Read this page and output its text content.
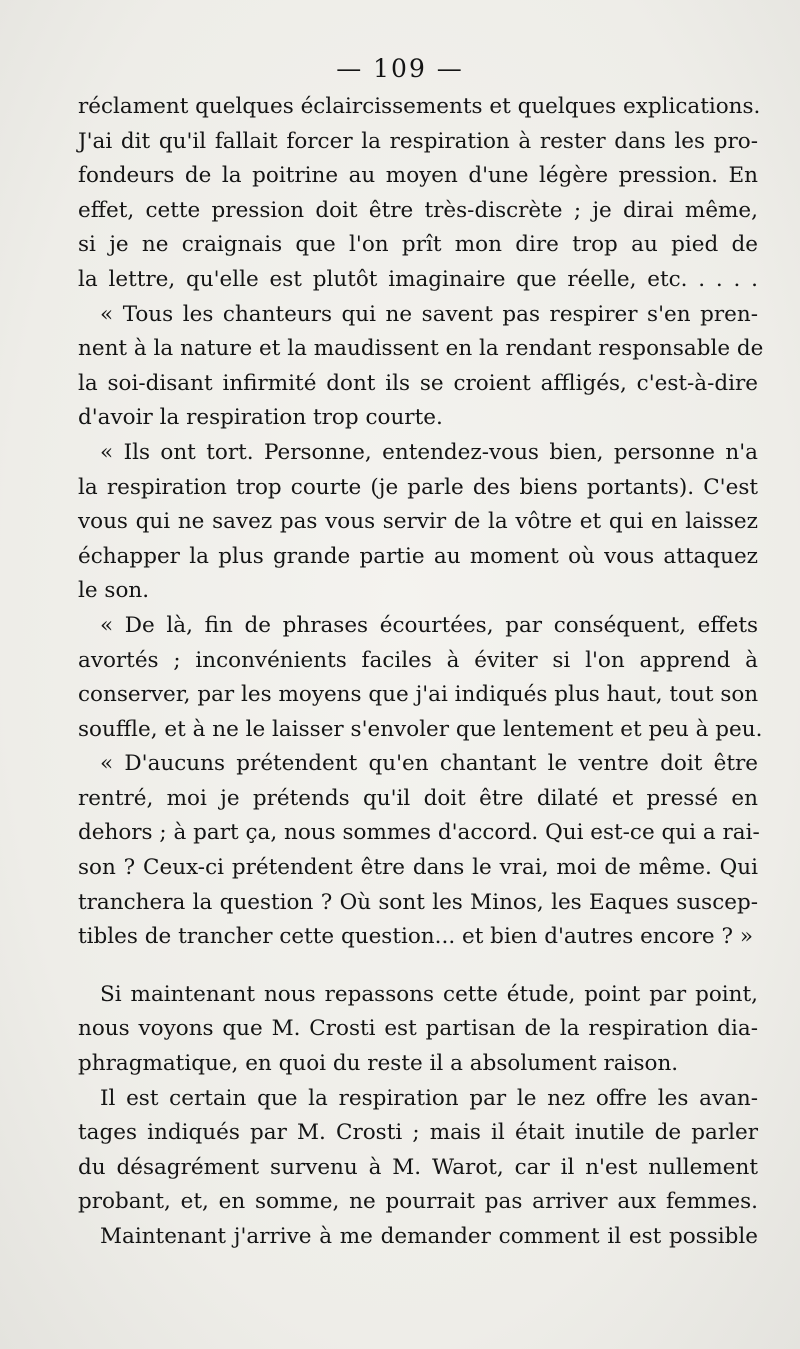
— 109 —
réclament quelques éclaircissements et quelques explications.
J'ai dit qu'il fallait forcer la respiration à rester dans les pro-
fondeurs de la poitrine au moyen d'une légère pression. En
effet, cette pression doit être très-discrète ; je dirai même,
si je ne craignais que l'on prît mon dire trop au pied de
la lettre, qu'elle est plutôt imaginaire que réelle, etc. . . . .
« Tous les chanteurs qui ne savent pas respirer s'en pren-
nent à la nature et la maudissent en la rendant responsable de
la soi-disant infirmité dont ils se croient affligés, c'est-à-dire
d'avoir la respiration trop courte.
« Ils ont tort. Personne, entendez-vous bien, personne n'a
la respiration trop courte (je parle des biens portants). C'est
vous qui ne savez pas vous servir de la vôtre et qui en laissez
échapper la plus grande partie au moment où vous attaquez
le son.
« De là, fin de phrases écourtées, par conséquent, effets
avortés ; inconvénients faciles à éviter si l'on apprend à
conserver, par les moyens que j'ai indiqués plus haut, tout son
souffle, et à ne le laisser s'envoler que lentement et peu à peu.
« D'aucuns prétendent qu'en chantant le ventre doit être
rentré, moi je prétends qu'il doit être dilaté et pressé en
dehors ; à part ça, nous sommes d'accord. Qui est-ce qui a rai-
son ? Ceux-ci prétendent être dans le vrai, moi de même. Qui
tranchera la question ? Où sont les Minos, les Eaques suscep-
tibles de trancher cette question... et bien d'autres encore ? »
Si maintenant nous repassons cette étude, point par point,
nous voyons que M. Crosti est partisan de la respiration dia-
phragmatique, en quoi du reste il a absolument raison.
Il est certain que la respiration par le nez offre les avan-
tages indiqués par M. Crosti ; mais il était inutile de parler
du désagrément survenu à M. Warot, car il n'est nullement
probant, et, en somme, ne pourrait pas arriver aux femmes.
Maintenant j'arrive à me demander comment il est possible
